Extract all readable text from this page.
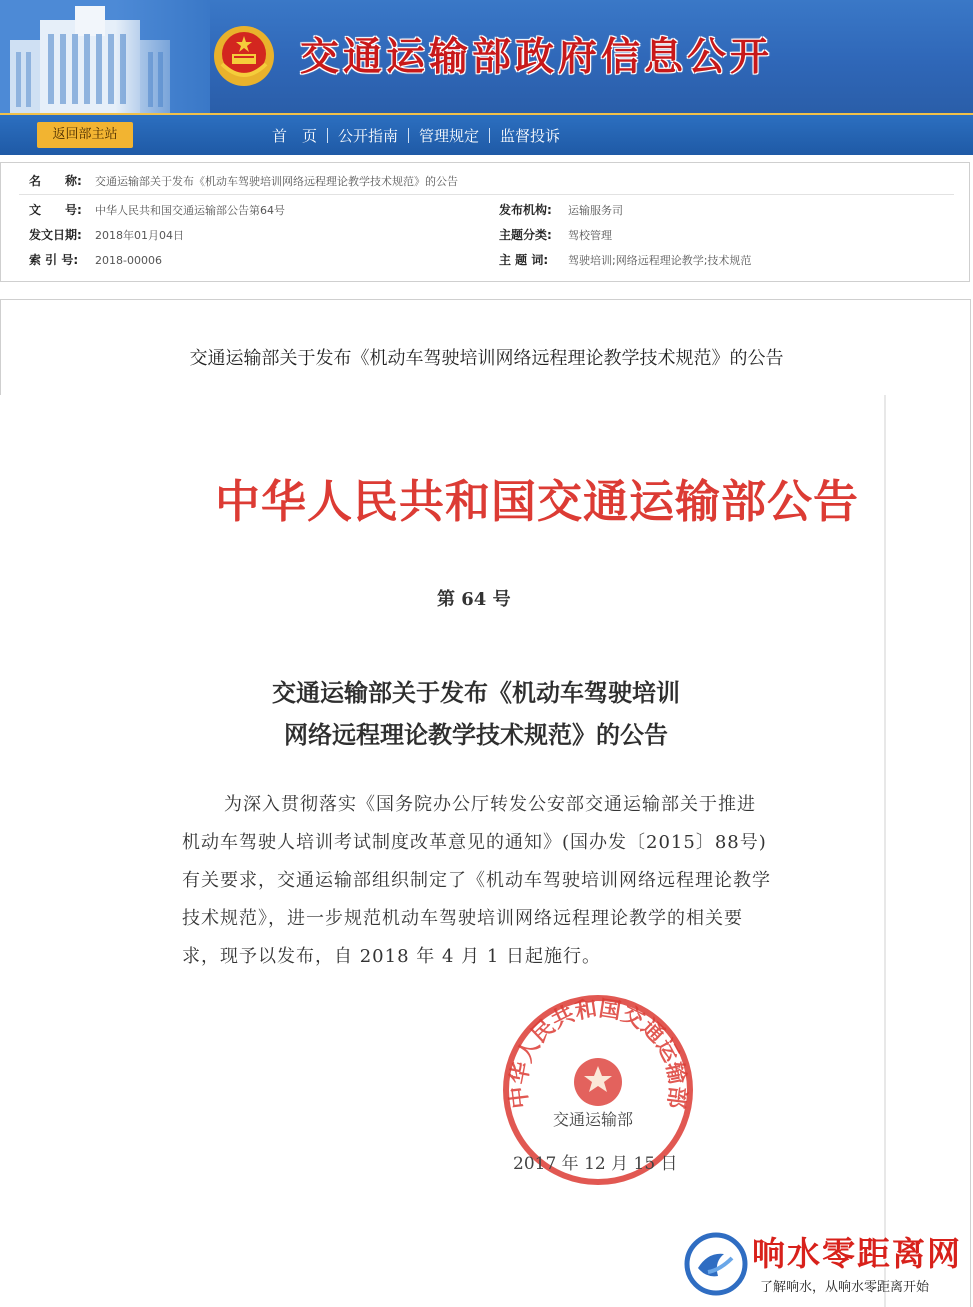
交通运输部政府信息公开
返回部主站	首　页	公开指南	管理规定	监督投诉
名　　称: 交通运输部关于发布《机动车驾驶培训网络远程理论教学技术规范》的公告
文　　号: 中华人民共和国交通运输部公告第64号	发布机构: 运输服务司
发文日期: 2018年01月04日	主题分类: 驾校管理
索 引 号: 2018-00006	主 题 词: 驾驶培训;网络远程理论教学;技术规范
交通运输部关于发布《机动车驾驶培训网络远程理论教学技术规范》的公告
中华人民共和国交通运输部公告
第 64 号
交通运输部关于发布《机动车驾驶培训
网络远程理论教学技术规范》的公告
为深入贯彻落实《国务院办公厅转发公安部交通运输部关于推进机动车驾驶人培训考试制度改革意见的通知》(国办发〔2015〕88号)有关要求，交通运输部组织制定了《机动车驾驶培训网络远程理论教学技术规范》，进一步规范机动车驾驶培训网络远程理论教学的相关要求，现予以发布，自 2018 年 4 月 1 日起施行。
中华人民共和国交通运输部
交通运输部
2017 年 12 月 15 日
响水零距离网
了解响水，从响水零距离开始
